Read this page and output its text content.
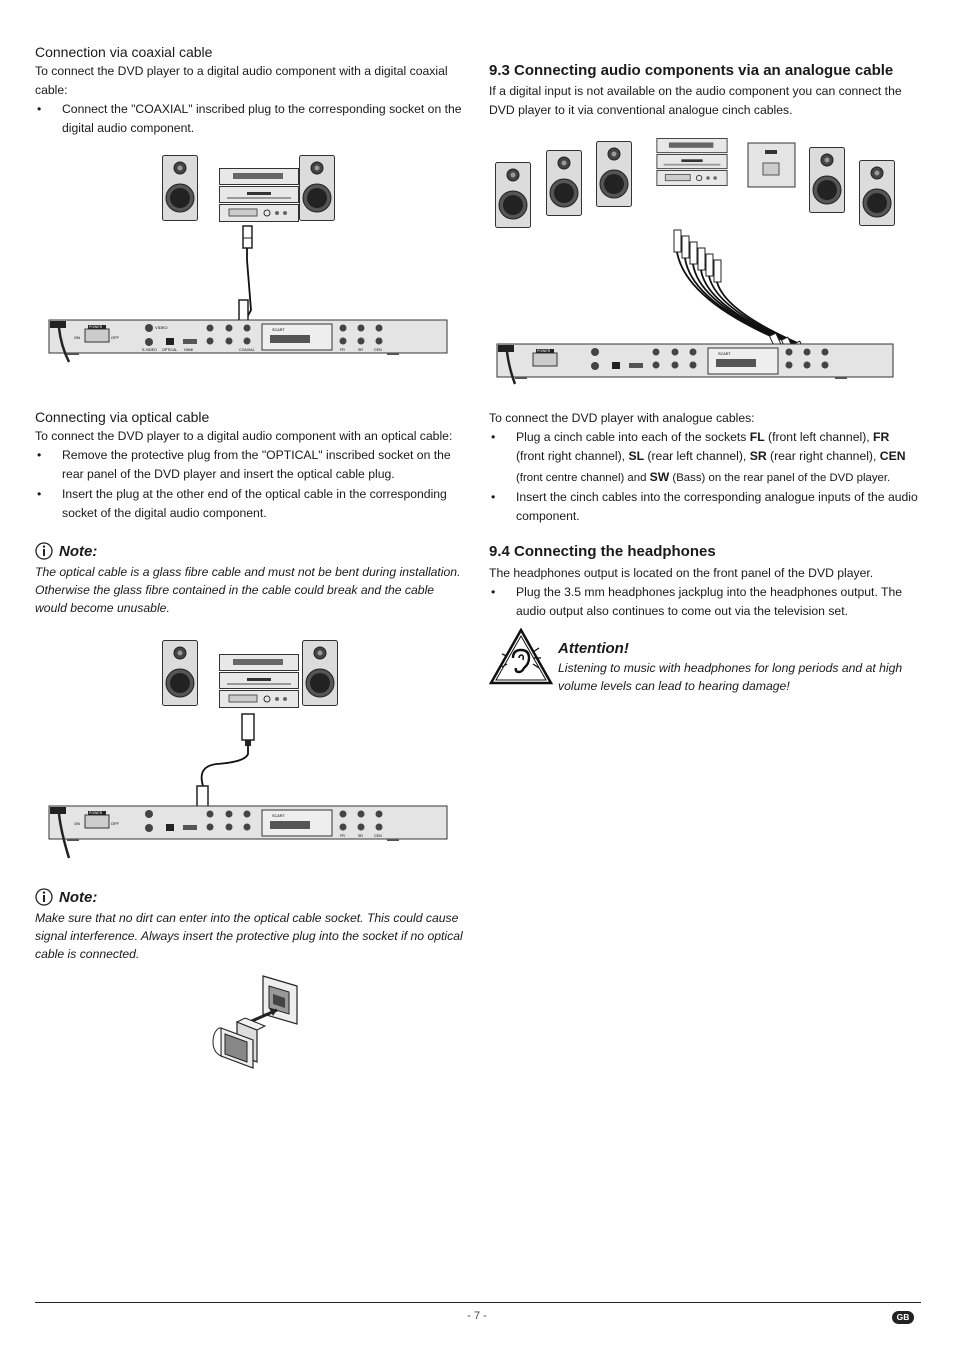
Connection via coaxial cable

To connect the DVD player to a digital audio component with a digital coaxial cable:

• Connect the "COAXIAL" inscribed plug to the corresponding socket on the digital audio component.
POWER
ON	OFF
VIDEO
S-VIDEO OPTICAL HDMI	COAXIAL
SCART
FR	SR	CEN

Connecting via optical cable

To connect the DVD player to a digital audio component with an optical cable:

• Remove the protective plug from the "OPTICAL" inscribed socket on the rear panel of the DVD player and insert the optical cable plug.
• Insert the plug at the other end of the optical cable in the corresponding socket of the digital audio component.
Note:

The optical cable is a glass fibre cable and must not be bent during installation. Otherwise the glass fibre contained in the cable could break and the cable would become unusable.

POWER
ON	OFF
SCART
FR	SR	CEN
Note:

Make sure that no dirt can enter into the optical cable socket. This could cause signal interference. Always insert the protective plug into the socket if no optical cable is connected.

9.3 Connecting audio components via an analogue cable

If a digital input is not available on the audio component you can connect the DVD player to it via conventional analogue cinch cables.

POWER
SCART

To connect the DVD player with analogue cables:

• Plug a cinch cable into each of the sockets FL (front left channel), FR (front right channel), SL (rear left channel), SR (rear right channel), CEN (front centre channel) and SW (Bass) on the rear panel of the DVD player.
• Insert the cinch cables into the corresponding analogue inputs of the audio component.

9.4 Connecting the headphones

The headphones output is located on the front panel of the DVD player.

• Plug the 3.5 mm headphones jackplug into the headphones output. The audio output also continues to come out via the television set.
Attention!

Listening to music with headphones for long periods and at high volume levels can lead to hearing damage!

- 7 -	GB
